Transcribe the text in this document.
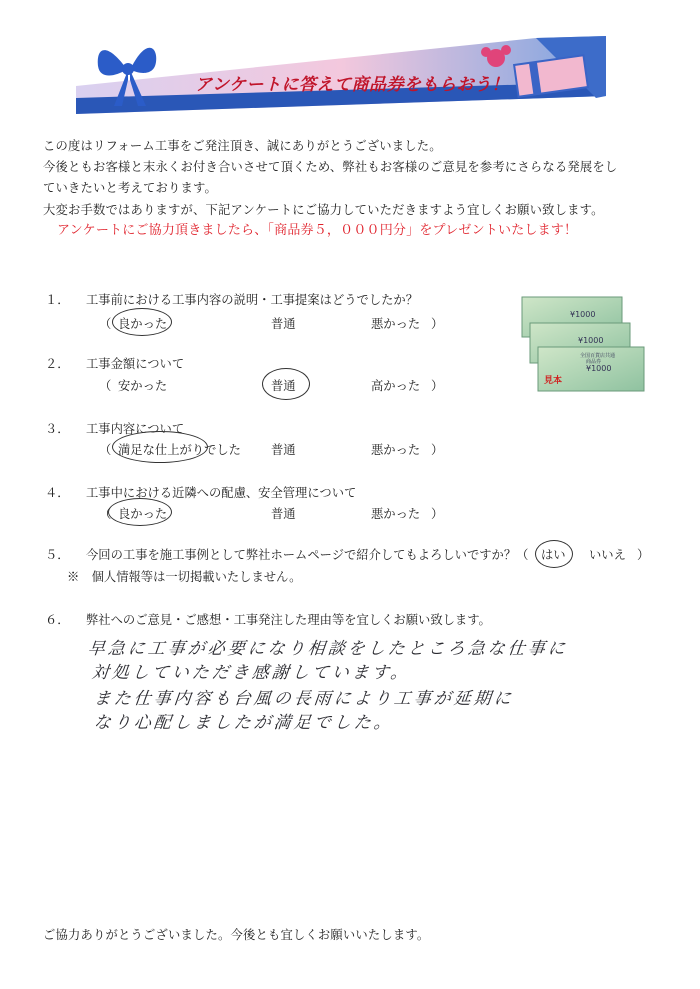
アンケートに答えて商品券をもらおう！
この度はリフォーム工事をご発注頂き、誠にありがとうございました。
今後ともお客様と末永くお付き合いさせて頂くため、弊社もお客様のご意見を参考にさらなる発展をし
ていきたいと考えております。
大変お手数ではありますが、下記アンケートにご協力していただきますよう宜しくお願い致します。
アンケートにご協力頂きましたら、「商品券５，０００円分」をプレゼントいたします！
¥1000
¥1000
全国百貨店共通
商品券
¥1000
見本
１． 工事前における工事内容の説明・工事提案はどうでしたか？
（ 良かった	普通	悪かった ）
２． 工事金額について
（ 安かった	普通	高かった ）
３． 工事内容について
（ 満足な仕上がりでした 普通	悪かった ）
４． 工事中における近隣への配慮、安全管理について
（ 良かった	普通	悪かった ）
５． 今回の工事を施工事例として弊社ホームページで紹介してもよろしいですか？（ はい いいえ ）
※　個人情報等は一切掲載いたしません。
６． 弊社へのご意見・ご感想・工事発注した理由等を宜しくお願い致します。
早急に工事が必要になり相談をしたところ急な仕事に
対処していただき感謝しています。
また仕事内容も台風の長雨により工事が延期に
なり心配しましたが満足でした。
ご協力ありがとうございました。今後とも宜しくお願いいたします。
